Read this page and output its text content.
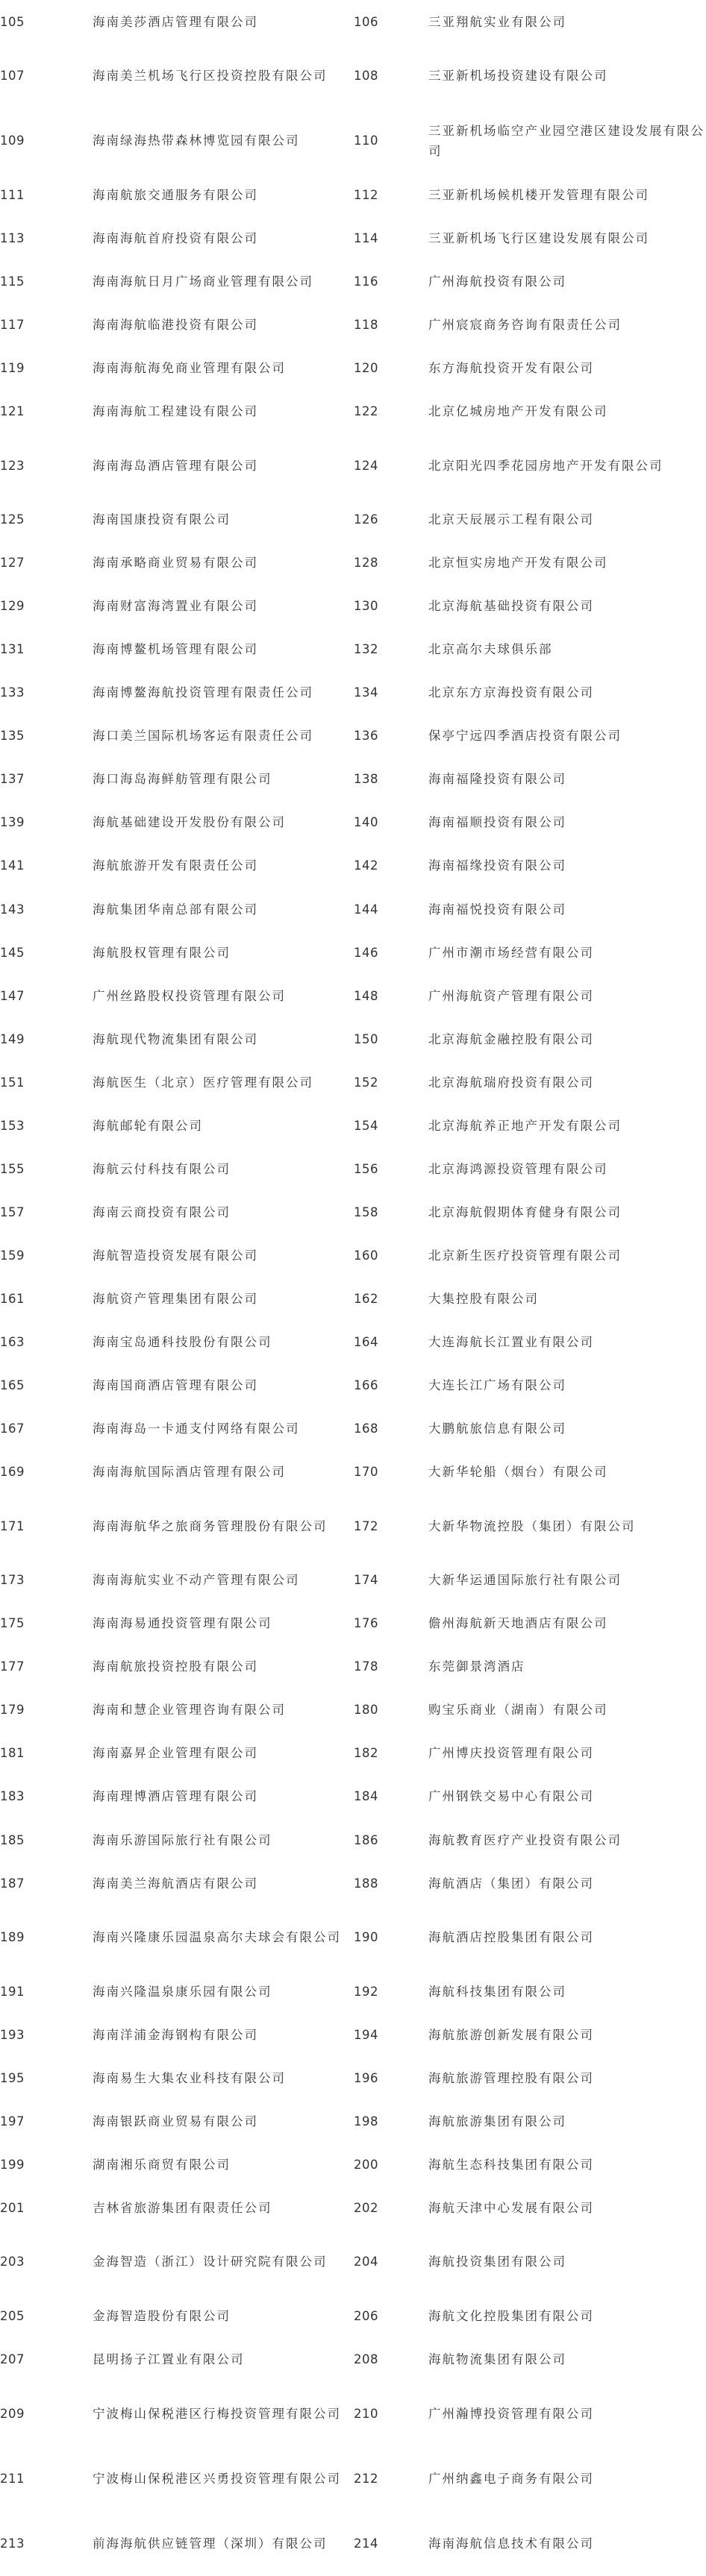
105	海南美莎酒店管理有限公司	106	三亚翔航实业有限公司
107	海南美兰机场飞行区投资控股有限公司	108	三亚新机场投资建设有限公司
109	海南绿海热带森林博览园有限公司	110	三亚新机场临空产业园空港区建设发展有限公司
111	海南航旅交通服务有限公司	112	三亚新机场候机楼开发管理有限公司
113	海南海航首府投资有限公司	114	三亚新机场飞行区建设发展有限公司
115	海南海航日月广场商业管理有限公司	116	广州海航投资有限公司
117	海南海航临港投资有限公司	118	广州宸宸商务咨询有限责任公司
119	海南海航海免商业管理有限公司	120	东方海航投资开发有限公司
121	海南海航工程建设有限公司	122	北京亿城房地产开发有限公司
123	海南海岛酒店管理有限公司	124	北京阳光四季花园房地产开发有限公司
125	海南国康投资有限公司	126	北京天辰展示工程有限公司
127	海南承略商业贸易有限公司	128	北京恒实房地产开发有限公司
129	海南财富海湾置业有限公司	130	北京海航基础投资有限公司
131	海南博鳌机场管理有限公司	132	北京高尔夫球俱乐部
133	海南博鳌海航投资管理有限责任公司	134	北京东方京海投资有限公司
135	海口美兰国际机场客运有限责任公司	136	保亭宁远四季酒店投资有限公司
137	海口海岛海鲜舫管理有限公司	138	海南福隆投资有限公司
139	海航基础建设开发股份有限公司	140	海南福顺投资有限公司
141	海航旅游开发有限责任公司	142	海南福缘投资有限公司
143	海航集团华南总部有限公司	144	海南福悦投资有限公司
145	海航股权管理有限公司	146	广州市潮市场经营有限公司
147	广州丝路股权投资管理有限公司	148	广州海航资产管理有限公司
149	海航现代物流集团有限公司	150	北京海航金融控股有限公司
151	海航医生（北京）医疗管理有限公司	152	北京海航瑞府投资有限公司
153	海航邮轮有限公司	154	北京海航养正地产开发有限公司
155	海航云付科技有限公司	156	北京海鸿源投资管理有限公司
157	海南云商投资有限公司	158	北京海航假期体育健身有限公司
159	海航智造投资发展有限公司	160	北京新生医疗投资管理有限公司
161	海航资产管理集团有限公司	162	大集控股有限公司
163	海南宝岛通科技股份有限公司	164	大连海航长江置业有限公司
165	海南国商酒店管理有限公司	166	大连长江广场有限公司
167	海南海岛一卡通支付网络有限公司	168	大鹏航旅信息有限公司
169	海南海航国际酒店管理有限公司	170	大新华轮船（烟台）有限公司
171	海南海航华之旅商务管理股份有限公司	172	大新华物流控股（集团）有限公司
173	海南海航实业不动产管理有限公司	174	大新华运通国际旅行社有限公司
175	海南海易通投资管理有限公司	176	儋州海航新天地酒店有限公司
177	海南航旅投资控股有限公司	178	东莞御景湾酒店
179	海南和慧企业管理咨询有限公司	180	购宝乐商业（湖南）有限公司
181	海南嘉昇企业管理有限公司	182	广州博庆投资管理有限公司
183	海南理博酒店管理有限公司	184	广州钢铁交易中心有限公司
185	海南乐游国际旅行社有限公司	186	海航教育医疗产业投资有限公司
187	海南美兰海航酒店有限公司	188	海航酒店（集团）有限公司
189	海南兴隆康乐园温泉高尔夫球会有限公司	190	海航酒店控股集团有限公司
191	海南兴隆温泉康乐园有限公司	192	海航科技集团有限公司
193	海南洋浦金海钢构有限公司	194	海航旅游创新发展有限公司
195	海南易生大集农业科技有限公司	196	海航旅游管理控股有限公司
197	海南银跃商业贸易有限公司	198	海航旅游集团有限公司
199	湖南湘乐商贸有限公司	200	海航生态科技集团有限公司
201	吉林省旅游集团有限责任公司	202	海航天津中心发展有限公司
203	金海智造（浙江）设计研究院有限公司	204	海航投资集团有限公司
205	金海智造股份有限公司	206	海航文化控股集团有限公司
207	昆明扬子江置业有限公司	208	海航物流集团有限公司
209	宁波梅山保税港区行梅投资管理有限公司	210	广州瀚博投资管理有限公司
211	宁波梅山保税港区兴勇投资管理有限公司	212	广州纳鑫电子商务有限公司
213	前海海航供应链管理（深圳）有限公司	214	海南海航信息技术有限公司
